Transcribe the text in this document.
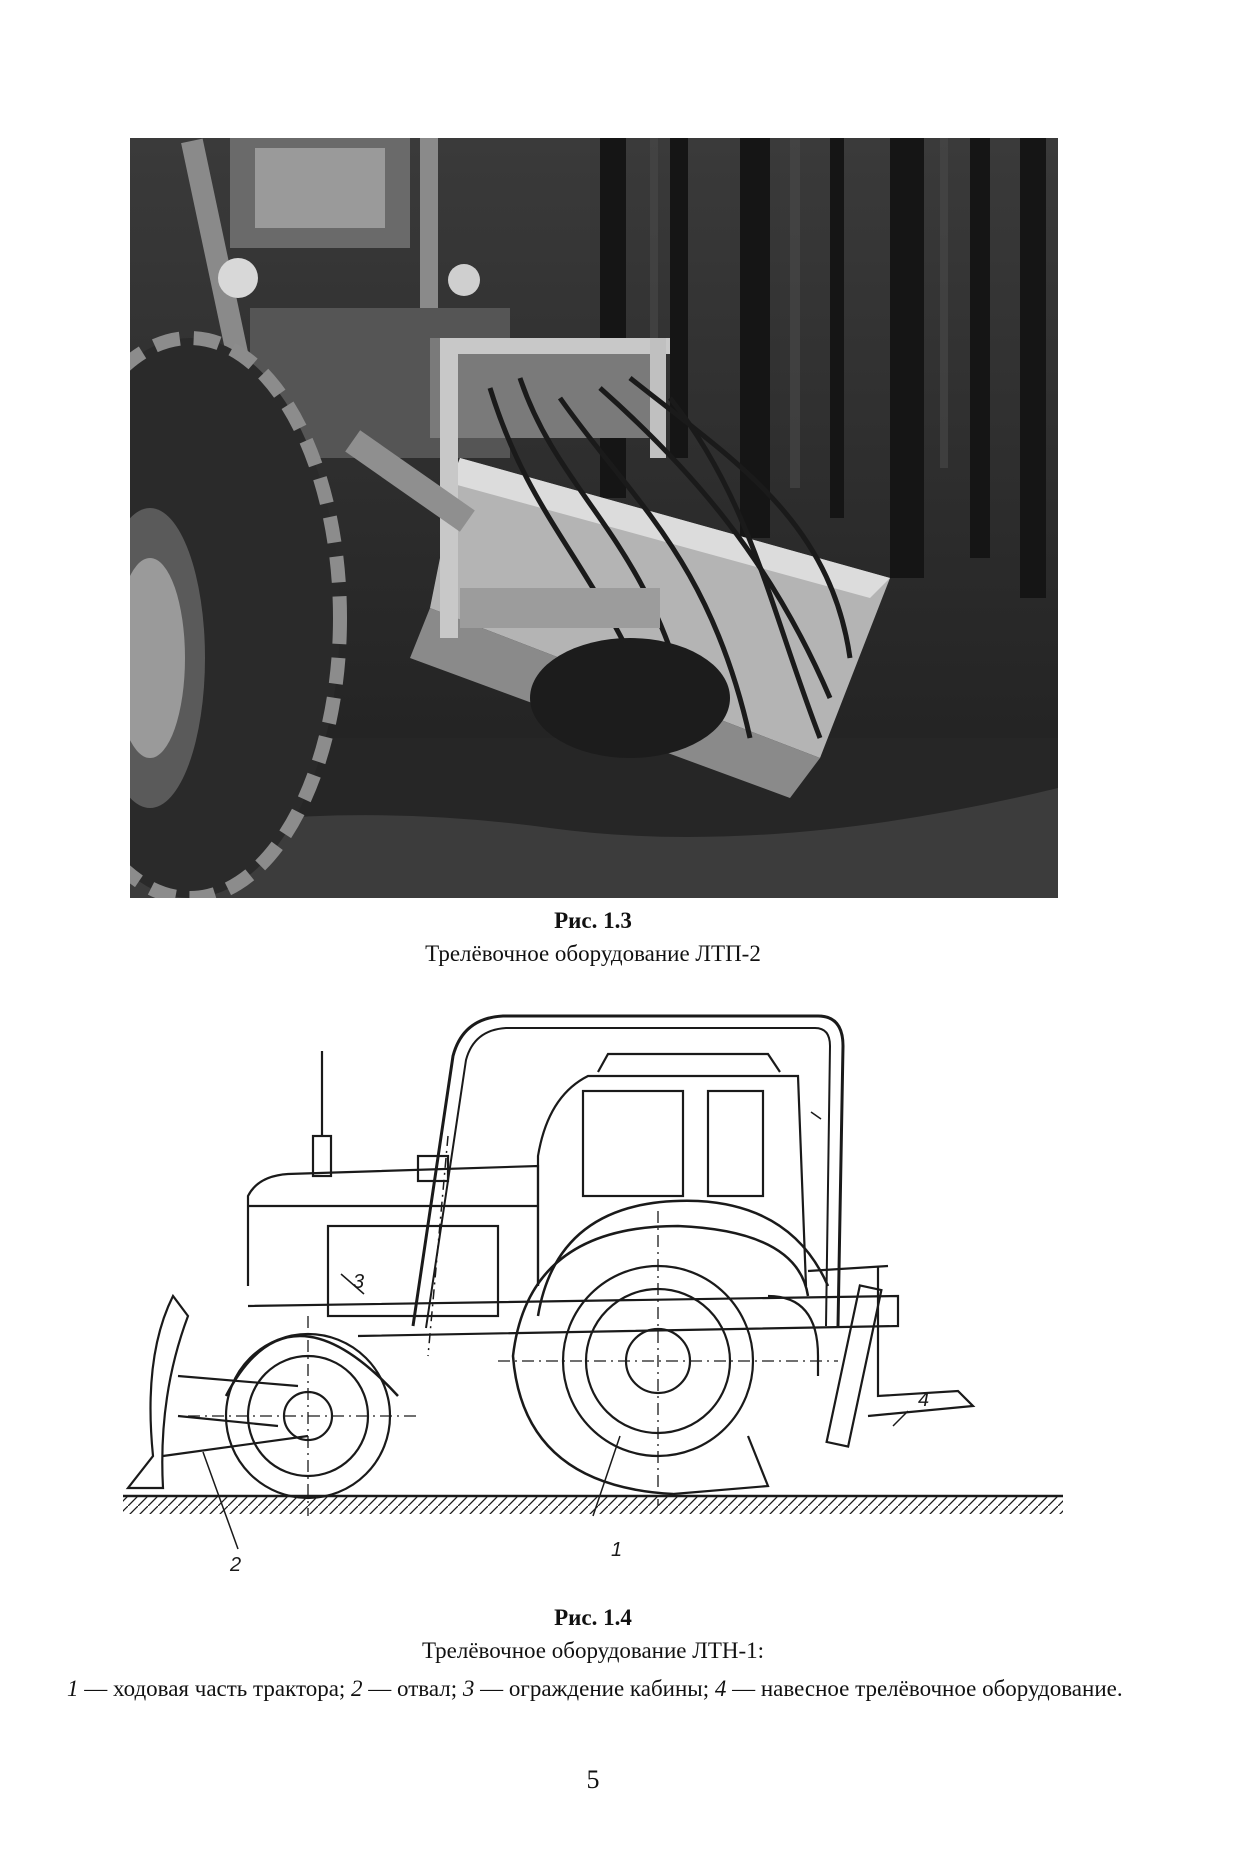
Рис. 1.3
Трелёвочное оборудование ЛТП-2
3
1
2
4
Рис. 1.4
Трелёвочное оборудование ЛТН-1:
1 — ходовая часть трактора; 2 — отвал; 3 — ограждение кабины; 4 — навесное трелёвочное оборудование.
5
